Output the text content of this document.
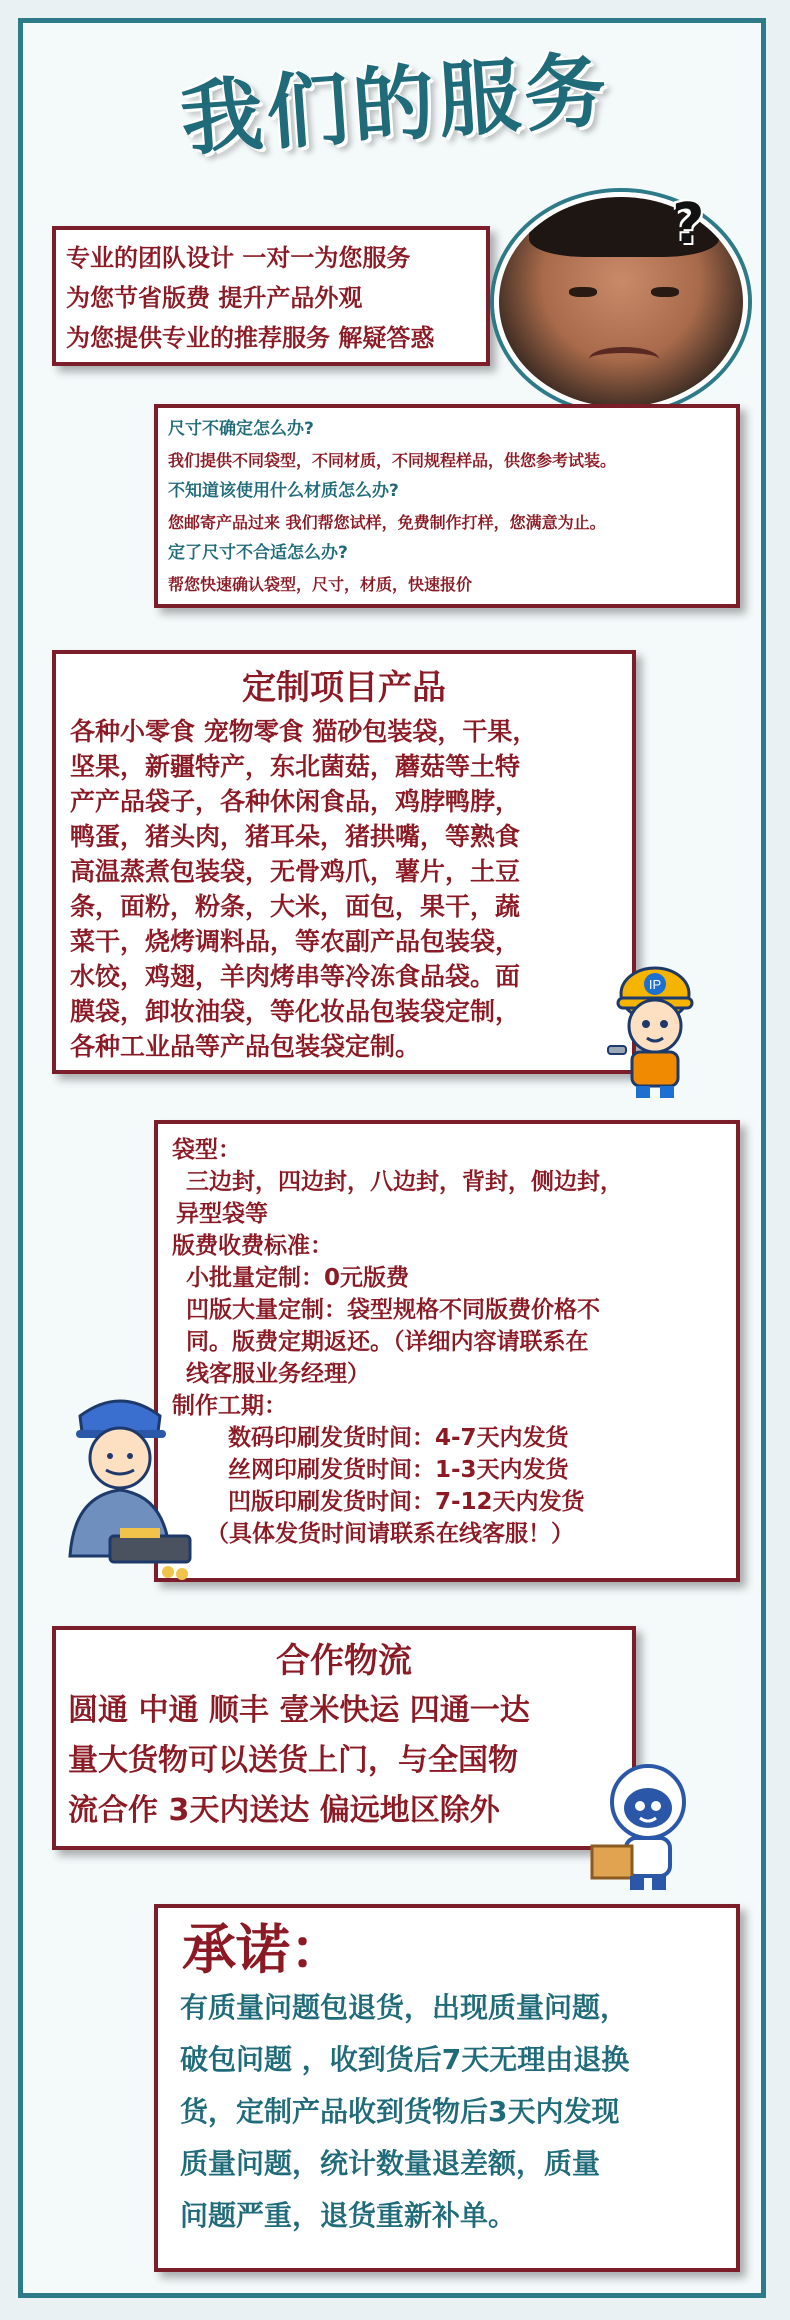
我们的服务
专业的团队设计 一对一为您服务
为您节省版费 提升产品外观
为您提供专业的推荐服务 解疑答惑
?
尺寸不确定怎么办?
我们提供不同袋型，不同材质，不同规程样品，供您参考试装。
不知道该使用什么材质怎么办?
您邮寄产品过来 我们帮您试样，免费制作打样，您满意为止。
定了尺寸不合适怎么办?
帮您快速确认袋型，尺寸，材质，快速报价
定制项目产品
各种小零食 宠物零食 猫砂包装袋，干果，
坚果，新疆特产，东北菌菇，蘑菇等土特
产产品袋子，各种休闲食品，鸡脖鸭脖，
鸭蛋，猪头肉，猪耳朵，猪拱嘴，等熟食
高温蒸煮包装袋，无骨鸡爪，薯片，土豆
条，面粉，粉条，大米，面包，果干，蔬
菜干，烧烤调料品，等农副产品包装袋，
水饺，鸡翅，羊肉烤串等冷冻食品袋。面
膜袋，卸妆油袋，等化妆品包装袋定制，
各种工业品等产品包装袋定制。
IP
袋型：
三边封，四边封，八边封，背封，侧边封，
异型袋等
版费收费标准：
小批量定制：0元版费
凹版大量定制：袋型规格不同版费价格不
同。版费定期返还。（详细内容请联系在
线客服业务经理）
制作工期：
数码印刷发货时间：4-7天内发货
丝网印刷发货时间：1-3天内发货
凹版印刷发货时间：7-12天内发货
（具体发货时间请联系在线客服！）
合作物流
圆通 中通 顺丰 壹米快运 四通一达
量大货物可以送货上门，与全国物
流合作 3天内送达 偏远地区除外
承诺：
有质量问题包退货，出现质量问题，
破包问题 ，收到货后7天无理由退换
货，定制产品收到货物后3天内发现
质量问题，统计数量退差额，质量
问题严重，退货重新补单。
